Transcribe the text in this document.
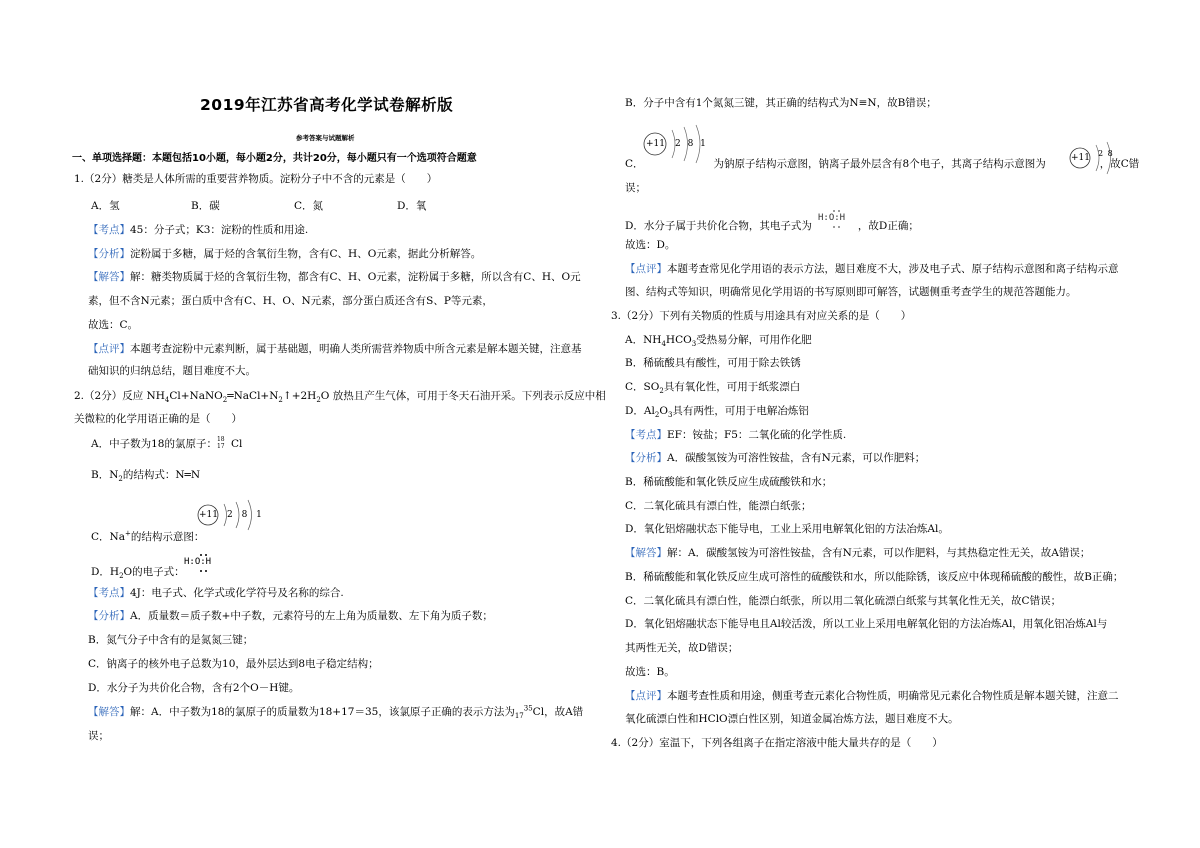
2019年江苏省高考化学试卷解析版
参考答案与试题解析
一、单项选择题：本题包括10小题，每小题2分，共计20分，每小题只有一个选项符合题意
1.（2分）糖类是人体所需的重要营养物质。淀粉分子中不含的元素是（　　）
A．氢	B．碳	C．氮	D．氧
【考点】45：分子式；K3：淀粉的性质和用途.
【分析】淀粉属于多糖，属于烃的含氧衍生物，含有C、H、O元素，据此分析解答。
【解答】解：糖类物质属于烃的含氧衍生物，都含有C、H、O元素，淀粉属于多糖，所以含有C、H、O元
素，但不含N元素；蛋白质中含有C、H、O、N元素，部分蛋白质还含有S、P等元素，
故选：C。
【点评】本题考查淀粉中元素判断，属于基础题，明确人类所需营养物质中所含元素是解本题关键，注意基
础知识的归纳总结，题目难度不大。
2.（2分）反应 $NH_4Cl+NaNO_2═NaCl+N_2↑+2H_2O$ 放热且产生气体，可用于冬天石油开采。下列表示反应中相
关微粒的化学用语正确的是（　　）
A．中子数为18的氯原子： 18
17 Cl
B．$N_2$的结构式：N═N
+11 2 8 1
C．Na+的结构示意图：
H:O:H
D．$H_2O$的电子式：
【考点】4J：电子式、化学式或化学符号及名称的综合.
【分析】A．质量数＝质子数+中子数，元素符号的左上角为质量数、左下角为质子数；
B．氮气分子中含有的是氮氮三键；
C．钠离子的核外电子总数为10，最外层达到8电子稳定结构；
D．水分子为共价化合物，含有2个O－H键。
【解答】解：A．中子数为18的氯原子的质量数为18+17＝35，该氯原子正确的表示方法为$_{17}^{35}$Cl，故A错
误；
B．分子中含有1个氮氮三键，其正确的结构式为N≡N，故B错误；
+11 2 8 1
C．	为钠原子结构示意图，钠离子最外层含有8个电子，其离子结构示意图为	，故C错
+11 2 8
误；
H:O:H
D．水分子属于共价化合物，其电子式为	，故D正确；
故选：D。
【点评】本题考查常见化学用语的表示方法，题目难度不大，涉及电子式、原子结构示意图和离子结构示意
图、结构式等知识，明确常见化学用语的书写原则即可解答，试题侧重考查学生的规范答题能力。
3.（2分）下列有关物质的性质与用途具有对应关系的是（　　）
A．$NH_4HCO_3$受热易分解，可用作化肥
B．稀硫酸具有酸性，可用于除去铁锈
C．$SO_2$具有氧化性，可用于纸浆漂白
D．$Al_2O_3$具有两性，可用于电解冶炼铝
【考点】EF：铵盐；F5：二氧化硫的化学性质.
【分析】A．碳酸氢铵为可溶性铵盐，含有N元素，可以作肥料；
B．稀硫酸能和氧化铁反应生成硫酸铁和水；
C．二氧化硫具有漂白性，能漂白纸张；
D．氧化铝熔融状态下能导电，工业上采用电解氧化铝的方法冶炼Al。
【解答】解：A．碳酸氢铵为可溶性铵盐，含有N元素，可以作肥料，与其热稳定性无关，故A错误；
B．稀硫酸能和氧化铁反应生成可溶性的硫酸铁和水，所以能除锈，该反应中体现稀硫酸的酸性，故B正确；
C．二氧化硫具有漂白性，能漂白纸张，所以用二氧化硫漂白纸浆与其氧化性无关，故C错误；
D．氧化铝熔融状态下能导电且Al较活泼，所以工业上采用电解氧化铝的方法冶炼Al，用氧化铝冶炼Al与
其两性无关，故D错误；
故选：B。
【点评】本题考查性质和用途，侧重考查元素化合物性质，明确常见元素化合物性质是解本题关键，注意二
氧化硫漂白性和HClO漂白性区别，知道金属冶炼方法，题目难度不大。
4.（2分）室温下，下列各组离子在指定溶液中能大量共存的是（　　）
